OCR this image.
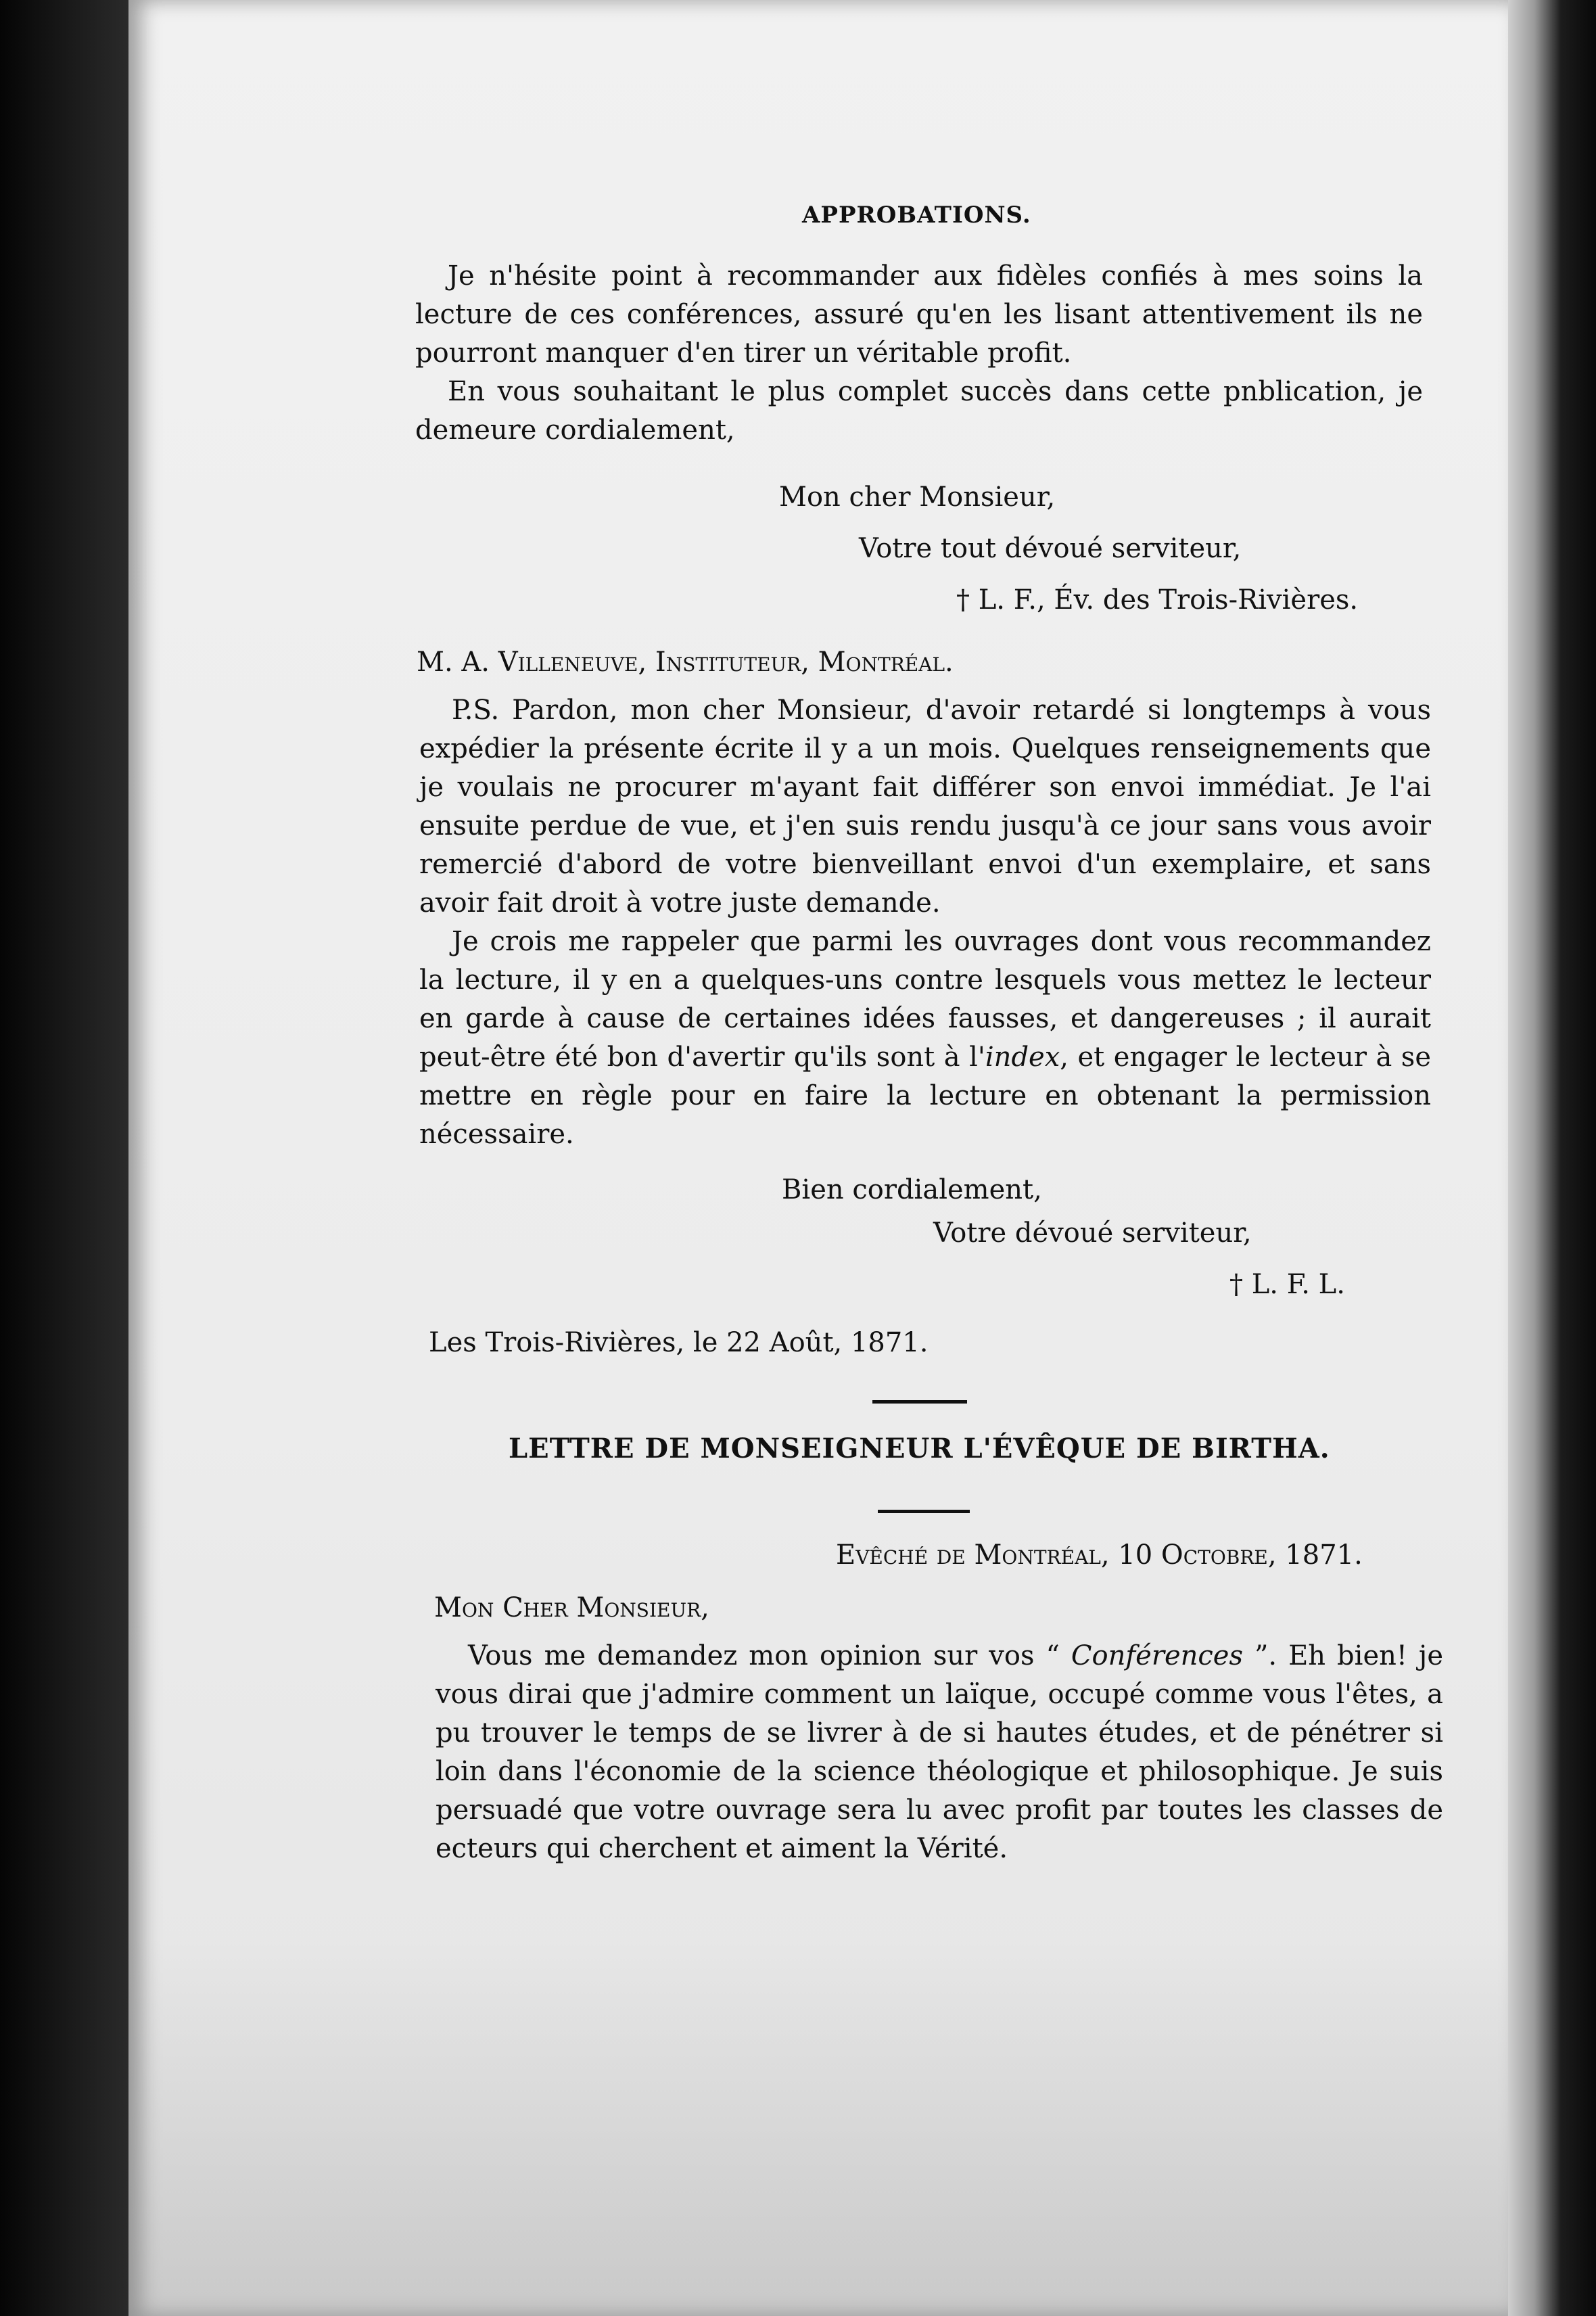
APPROBATIONS.

Je n'hésite point à recommander aux fidèles confiés à mes soins la lecture de ces conférences, assuré qu'en les lisant attentivement ils ne pourront manquer d'en tirer un véritable profit.

En vous souhaitant le plus complet succès dans cette pnblication, je demeure cordialement,

Mon cher Monsieur,
Votre tout dévoué serviteur,
† L. F., Év. des Trois-Rivières.
M. A. Villeneuve, Instituteur, Montréal.

P.S. Pardon, mon cher Monsieur, d'avoir retardé si longtemps à vous expédier la présente écrite il y a un mois. Quelques renseignements que je voulais ne procurer m'ayant fait différer son envoi immédiat. Je l'ai ensuite perdue de vue, et j'en suis rendu jusqu'à ce jour sans vous avoir remercié d'abord de votre bienveillant envoi d'un exemplaire, et sans avoir fait droit à votre juste demande.

Je crois me rappeler que parmi les ouvrages dont vous recommandez la lecture, il y en a quelques-uns contre lesquels vous mettez le lecteur en garde à cause de certaines idées fausses, et dangereuses ; il aurait peut-être été bon d'avertir qu'ils sont à l'index, et engager le lecteur à se mettre en règle pour en faire la lecture en obtenant la permission nécessaire.

Bien cordialement,
Votre dévoué serviteur,
† L. F. L.
Les Trois-Rivières, le 22 Août, 1871.
LETTRE DE MONSEIGNEUR L'ÉVÊQUE DE BIRTHA.
Evêché de Montréal, 10 Octobre, 1871.
Mon Cher Monsieur,

Vous me demandez mon opinion sur vos “ Conférences ”. Eh bien! je vous dirai que j'admire comment un laïque, occupé comme vous l'êtes, a pu trouver le temps de se livrer à de si hautes études, et de pénétrer si loin dans l'économie de la science théologique et philosophique. Je suis persuadé que votre ouvrage sera lu avec profit par toutes les classes de ecteurs qui cherchent et aiment la Vérité.
